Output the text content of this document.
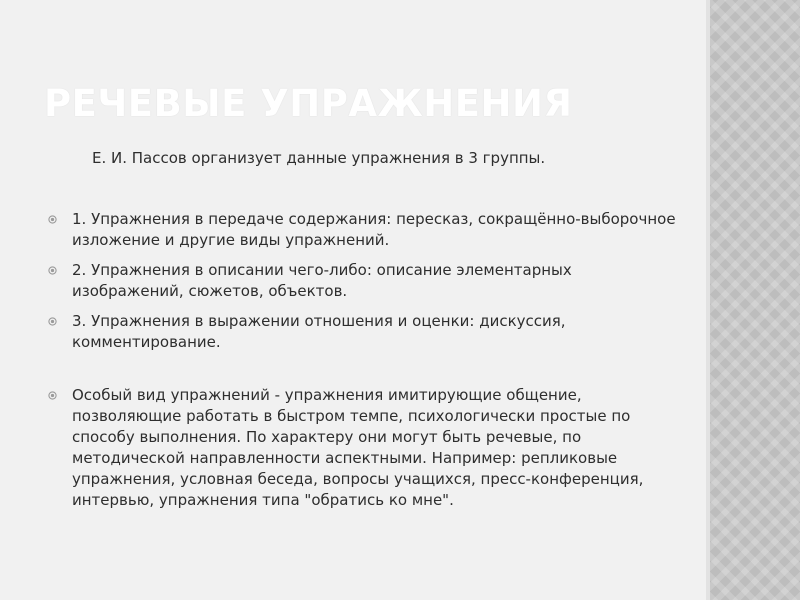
РЕЧЕВЫЕ УПРАЖНЕНИЯ

Е. И. Пассов организует данные упражнения в 3 группы.

1. Упражнения в передаче содержания: пересказ, сокращённо-выборочное изложение и другие виды упражнений.
2. Упражнения в описании чего-либо: описание элементарных изображений, сюжетов, объектов.
3. Упражнения в выражении отношения и оценки: дискуссия, комментирование.
Особый вид упражнений - упражнения имитирующие общение, позволяющие работать в быстром темпе, психологически простые по способу выполнения. По характеру они могут быть речевые, по методической направленности аспектными. Например: репликовые упражнения, условная беседа, вопросы учащихся, пресс-конференция, интервью, упражнения типа "обратись ко мне".
